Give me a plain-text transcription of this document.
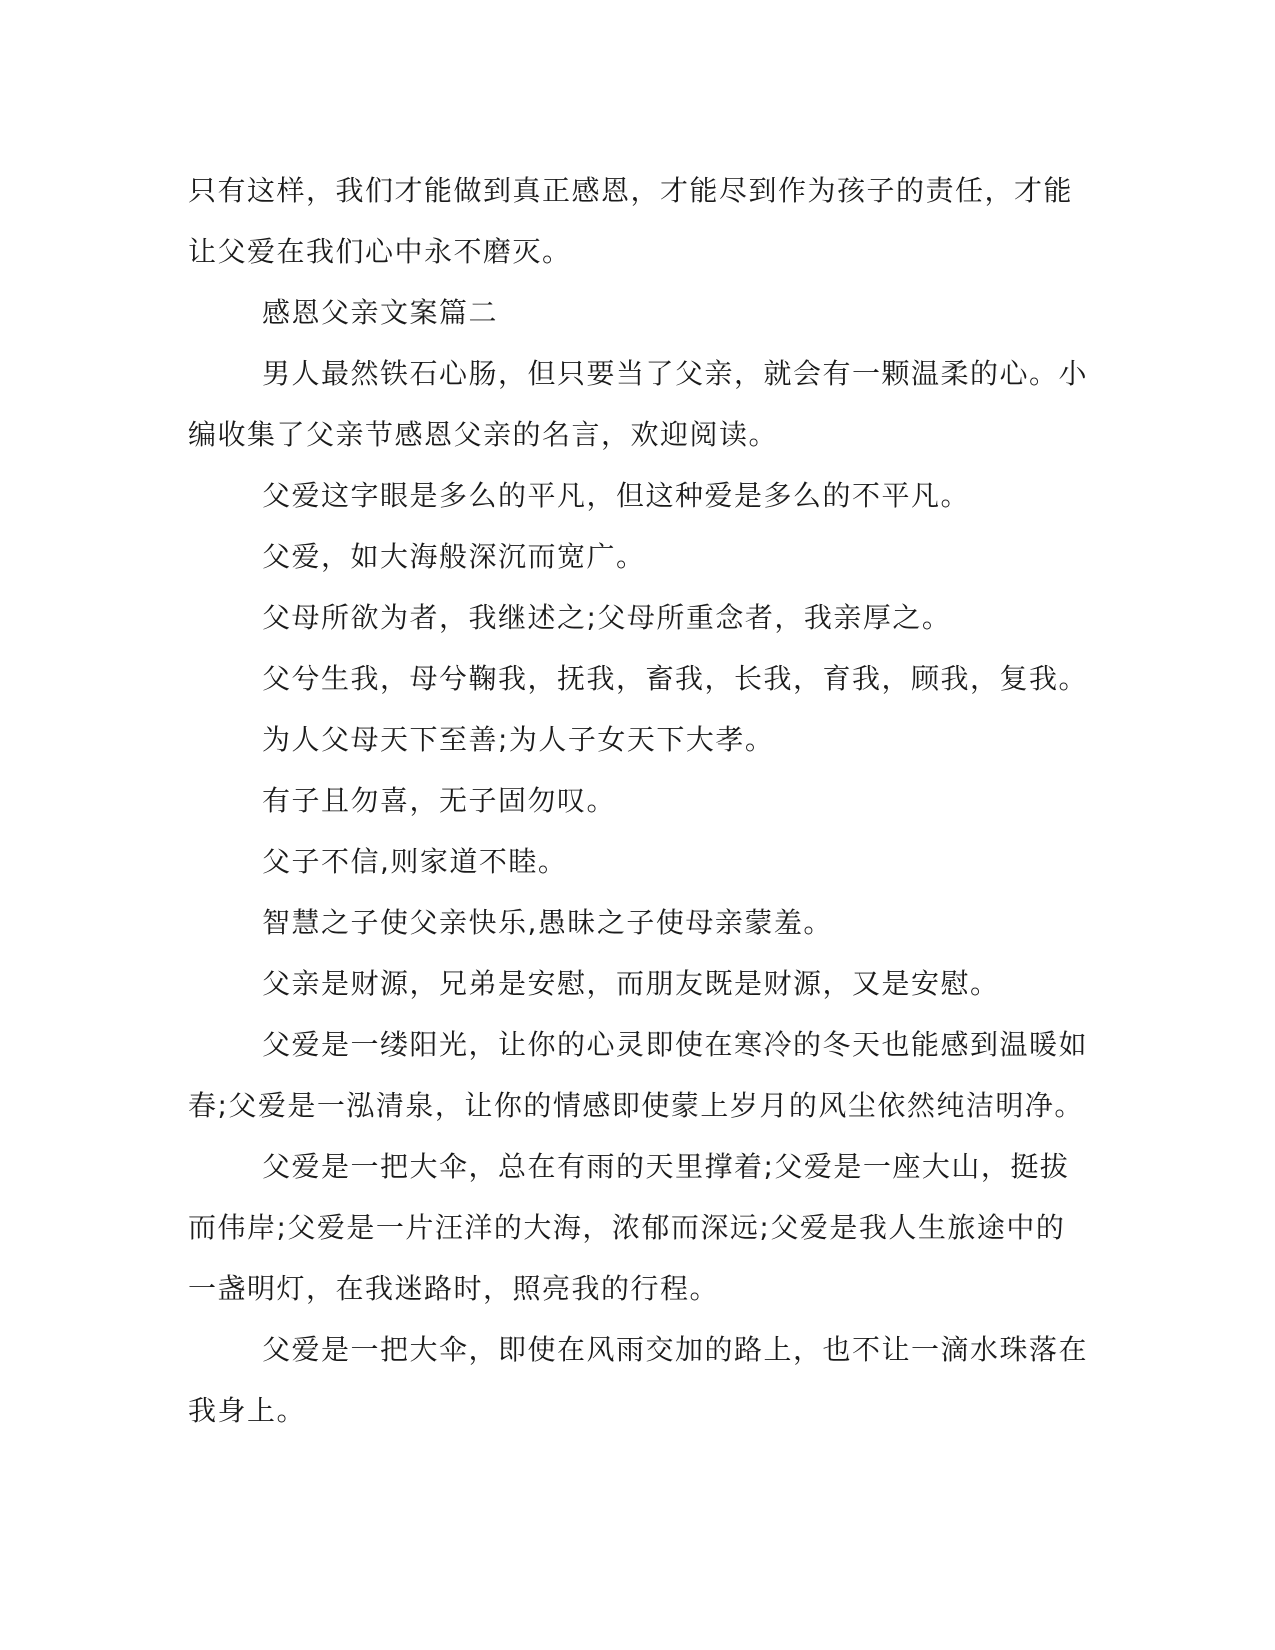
只有这样，我们才能做到真正感恩，才能尽到作为孩子的责任，才能让父爱在我们心中永不磨灭。

感恩父亲文案篇二

男人最然铁石心肠，但只要当了父亲，就会有一颗温柔的心。小编收集了父亲节感恩父亲的名言，欢迎阅读。

父爱这字眼是多么的平凡，但这种爱是多么的不平凡。

父爱，如大海般深沉而宽广。

父母所欲为者，我继述之;父母所重念者，我亲厚之。

父兮生我，母兮鞠我，抚我，畜我，长我，育我，顾我，复我。

为人父母天下至善;为人子女天下大孝。

有子且勿喜，无子固勿叹。

父子不信,则家道不睦。

智慧之子使父亲快乐,愚昧之子使母亲蒙羞。

父亲是财源，兄弟是安慰，而朋友既是财源，又是安慰。

父爱是一缕阳光，让你的心灵即使在寒冷的冬天也能感到温暖如春;父爱是一泓清泉，让你的情感即使蒙上岁月的风尘依然纯洁明净。

父爱是一把大伞，总在有雨的天里撑着;父爱是一座大山，挺拔而伟岸;父爱是一片汪洋的大海，浓郁而深远;父爱是我人生旅途中的一盏明灯，在我迷路时，照亮我的行程。

父爱是一把大伞，即使在风雨交加的路上，也不让一滴水珠落在我身上。
